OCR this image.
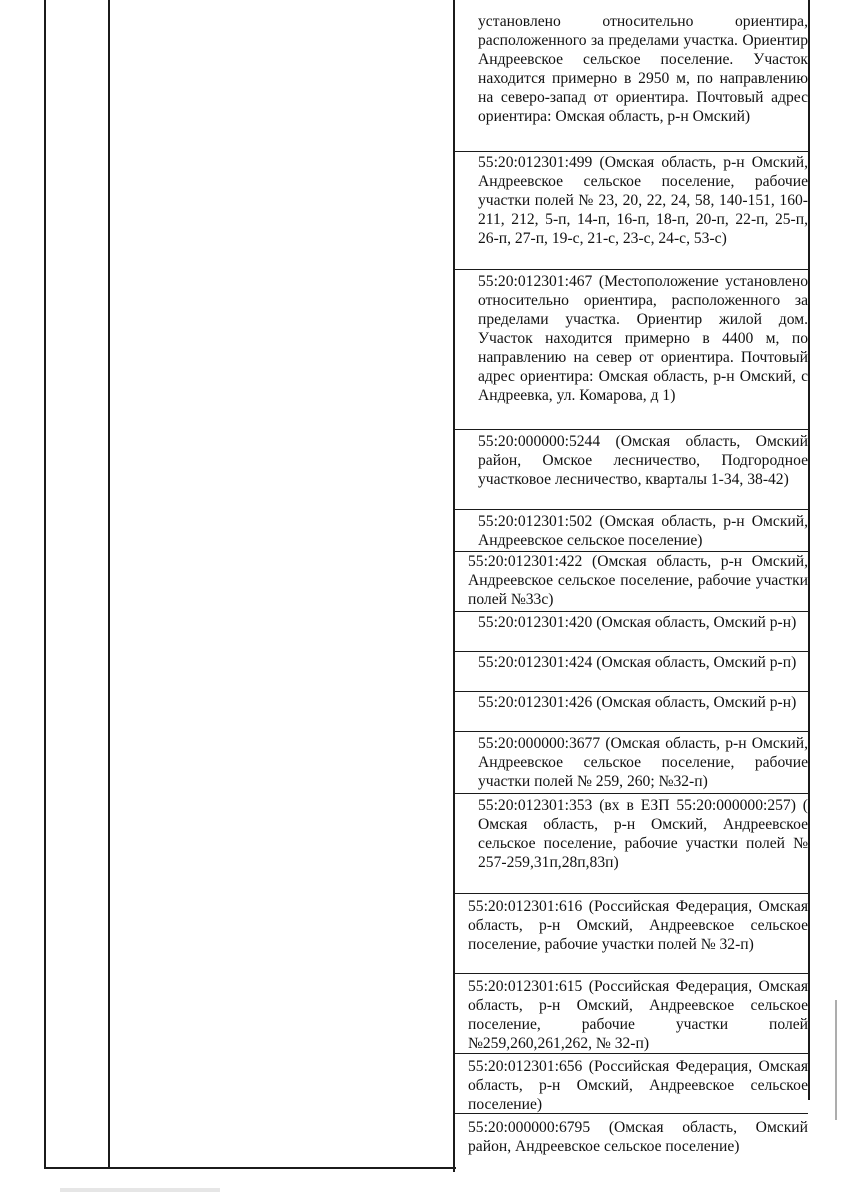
установлено относительно ориентира, расположенного за пределами участка. Ориентир Андреевское сельское поселение. Участок находится примерно в 2950 м, по направлению на северо-запад от ориентира. Почтовый адрес ориентира: Омская область, р-н Омский)

55:20:012301:499 (Омская область, р-н Омский, Андреевское сельское поселение, рабочие участки полей № 23, 20, 22, 24, 58, 140-151, 160-211, 212, 5-п, 14-п, 16-п, 18-п, 20-п, 22-п, 25-п, 26-п, 27-п, 19-с, 21-с, 23-с, 24-с, 53-с)

55:20:012301:467 (Местоположение установлено относительно ориентира, расположенного за пределами участка. Ориентир жилой дом. Участок находится примерно в 4400 м, по направлению на север от ориентира. Почтовый адрес ориентира: Омская область, р-н Омский, с Андреевка, ул. Комарова, д 1)

55:20:000000:5244 (Омская область, Омский район, Омское лесничество, Подгородное участковое лесничество, кварталы 1-34, 38-42)

55:20:012301:502 (Омская область, р-н Омский, Андреевское сельское поселение)

55:20:012301:422 (Омская область, р-н Омский, Андреевское сельское поселение, рабочие участки полей №33с)

55:20:012301:420 (Омская область, Омский р-н)

55:20:012301:424 (Омская область, Омский р-п)

55:20:012301:426 (Омская область, Омский р-н)

55:20:000000:3677 (Омская область, р-н Омский, Андреевское сельское поселение, рабочие участки полей № 259, 260; №32-п)

55:20:012301:353 (вх в ЕЗП 55:20:000000:257) ( Омская область, р-н Омский, Андреевское сельское поселение, рабочие участки полей № 257-259,31п,28п,83п)

55:20:012301:616 (Российская Федерация, Омская область, р-н Омский, Андреевское сельское поселение, рабочие участки полей № 32-п)

55:20:012301:615 (Российская Федерация, Омская область, р-н Омский, Андреевское сельское поселение, рабочие участки полей №259,260,261,262, № 32-п)

55:20:012301:656 (Российская Федерация, Омская область, р-н Омский, Андреевское сельское поселение)

55:20:000000:6795 (Омская область, Омский район, Андреевское сельское поселение)
